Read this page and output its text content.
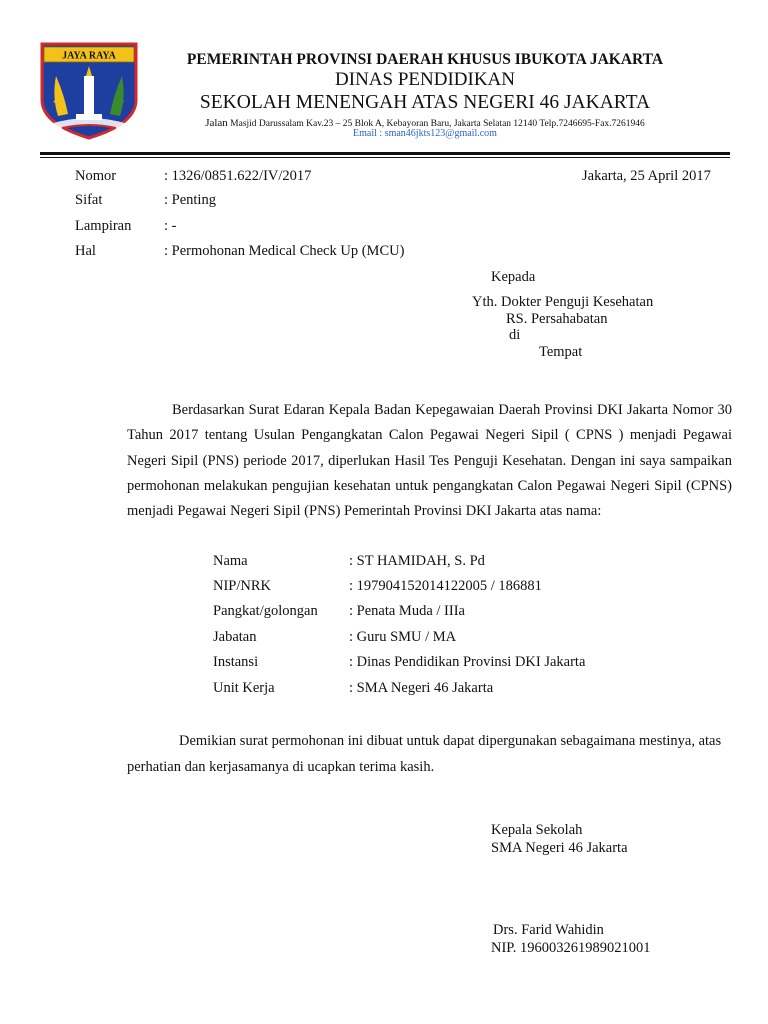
JAYA RAYA	PEMERINTAH PROVINSI DAERAH KHUSUS IBUKOTA JAKARTA
DINAS PENDIDIKAN
SEKOLAH MENENGAH ATAS NEGERI 46 JAKARTA
Jalan Masjid Darussalam Kav.23 – 25 Blok A, Kebayoran Baru, Jakarta Selatan 12140 Telp.7246695-Fax.7261946
Email : sman46jkts123@gmail.com
Nomor	: 1326/0851.622/IV/2017
Sifat	: Penting
Lampiran : -
Hal	: Permohonan Medical Check Up (MCU)
Jakarta, 25 April 2017
Kepada
Yth. Dokter Penguji Kesehatan
RS. Persahabatan
di
Tempat

Berdasarkan Surat Edaran Kepala Badan Kepegawaian Daerah Provinsi DKI Jakarta Nomor 30 Tahun 2017 tentang Usulan Pengangkatan Calon Pegawai Negeri Sipil ( CPNS ) menjadi Pegawai Negeri Sipil (PNS) periode 2017, diperlukan Hasil Tes Penguji Kesehatan. Dengan ini saya sampaikan permohonan melakukan pengujian kesehatan untuk pengangkatan Calon Pegawai Negeri Sipil (CPNS) menjadi Pegawai Negeri Sipil (PNS) Pemerintah Provinsi DKI Jakarta atas nama:

Nama	: ST HAMIDAH, S. Pd
NIP/NRK	: 197904152014122005 / 186881
Pangkat/golongan : Penata Muda / IIIa
Jabatan	: Guru SMU / MA
Instansi	: Dinas Pendidikan Provinsi DKI Jakarta
Unit Kerja	: SMA Negeri 46 Jakarta

Demikian surat permohonan ini dibuat untuk dapat dipergunakan sebagaimana mestinya, atas perhatian dan kerjasamanya di ucapkan terima kasih.

Kepala Sekolah
SMA Negeri 46 Jakarta
Drs. Farid Wahidin
NIP. 196003261989021001
